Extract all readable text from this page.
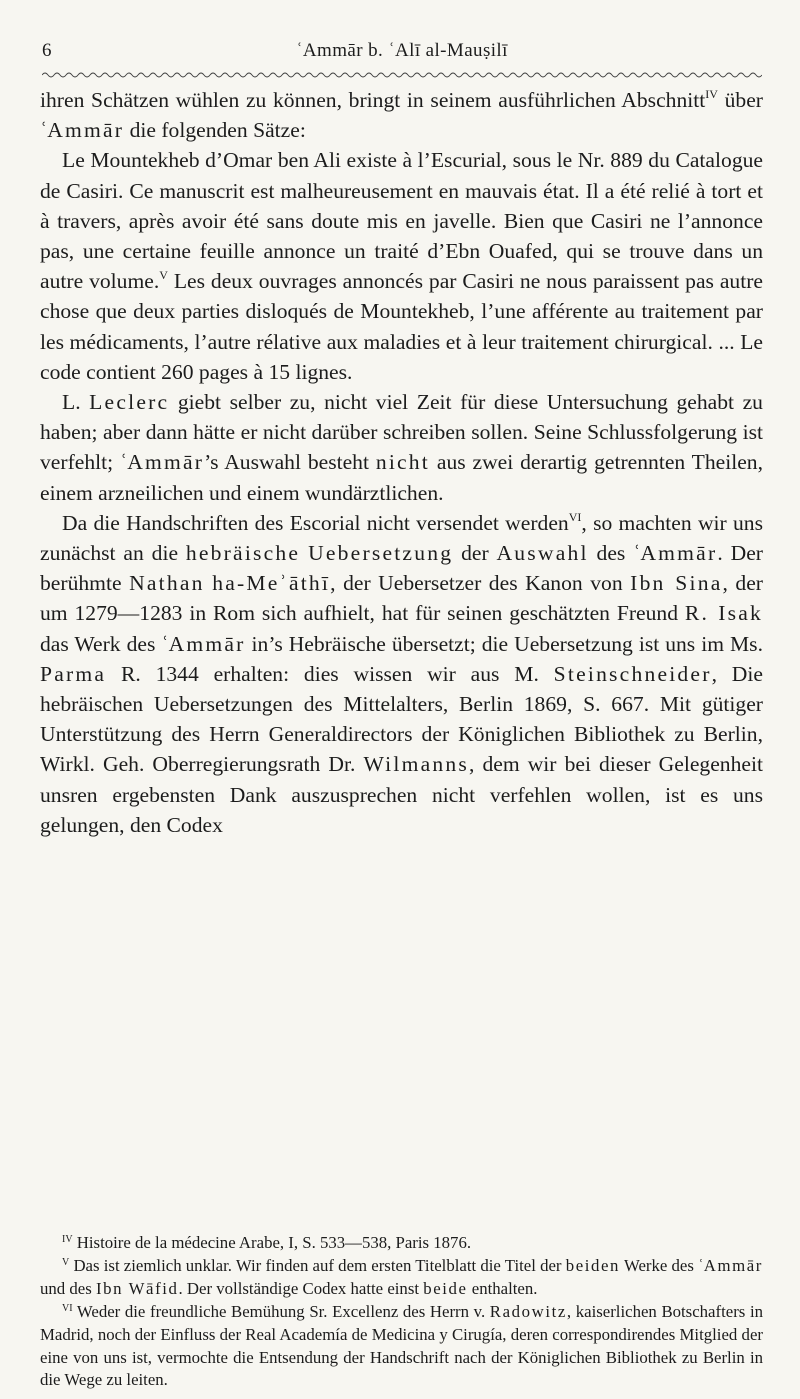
6	ʿAmmār b. ʿAlī al-Mauṣilī

ihren Schätzen wühlen zu können, bringt in seinem ausführlichen Abschnitt$^{IV}$ über ʿAmmār die folgenden Sätze:

Le Mountekheb d’Omar ben Ali existe à l’Escurial, sous le Nr. 889 du Catalogue de Casiri. Ce manuscrit est malheureusement en mauvais état. Il a été relié à tort et à travers, après avoir été sans doute mis en javelle. Bien que Casiri ne l’annonce pas, une certaine feuille annonce un traité d’Ebn Ouafed, qui se trouve dans un autre volume.$^V$ Les deux ouvrages annoncés par Casiri ne nous paraissent pas autre chose que deux parties disloqués de Mountekheb, l’une afférente au traitement par les médicaments, l’autre rélative aux maladies et à leur traitement chirurgical. ... Le code contient 260 pages à 15 lignes.

L. Leclerc giebt selber zu, nicht viel Zeit für diese Untersuchung gehabt zu haben; aber dann hätte er nicht darüber schreiben sollen. Seine Schlussfolgerung ist verfehlt; ʿAmmār’s Auswahl besteht nicht aus zwei derartig getrennten Theilen, einem arzneilichen und einem wundärztlichen.

Da die Handschriften des Escorial nicht versendet werden$^{VI}$, so machten wir uns zunächst an die hebräische Uebersetzung der Auswahl des ʿAmmār. Der berühmte Nathan ha-Meʾāthī, der Uebersetzer des Kanon von Ibn Sina, der um 1279—1283 in Rom sich aufhielt, hat für seinen geschätzten Freund R. Isak das Werk des ʿAmmār in’s Hebräische übersetzt; die Uebersetzung ist uns im Ms. Parma R. 1344 erhalten: dies wissen wir aus M. Steinschneider, Die hebräischen Uebersetzungen des Mittelalters, Berlin 1869, S. 667. Mit gütiger Unterstützung des Herrn Generaldirectors der Königlichen Bibliothek zu Berlin, Wirkl. Geh. Oberregierungsrath Dr. Wilmanns, dem wir bei dieser Gelegenheit unsren ergebensten Dank auszusprechen nicht verfehlen wollen, ist es uns gelungen, den Codex

$^{IV}$ Histoire de la médecine Arabe, I, S. 533—538, Paris 1876.

$^V$ Das ist ziemlich unklar. Wir finden auf dem ersten Titelblatt die Titel der beiden Werke des ʿAmmār und des Ibn Wāfid. Der vollständige Codex hatte einst beide enthalten.

$^{VI}$ Weder die freundliche Bemühung Sr. Excellenz des Herrn v. Radowitz, kaiserlichen Botschafters in Madrid, noch der Einfluss der Real Academía de Medicina y Cirugía, deren correspondirendes Mitglied der eine von uns ist, vermochte die Entsendung der Handschrift nach der Königlichen Bibliothek zu Berlin in die Wege zu leiten.
